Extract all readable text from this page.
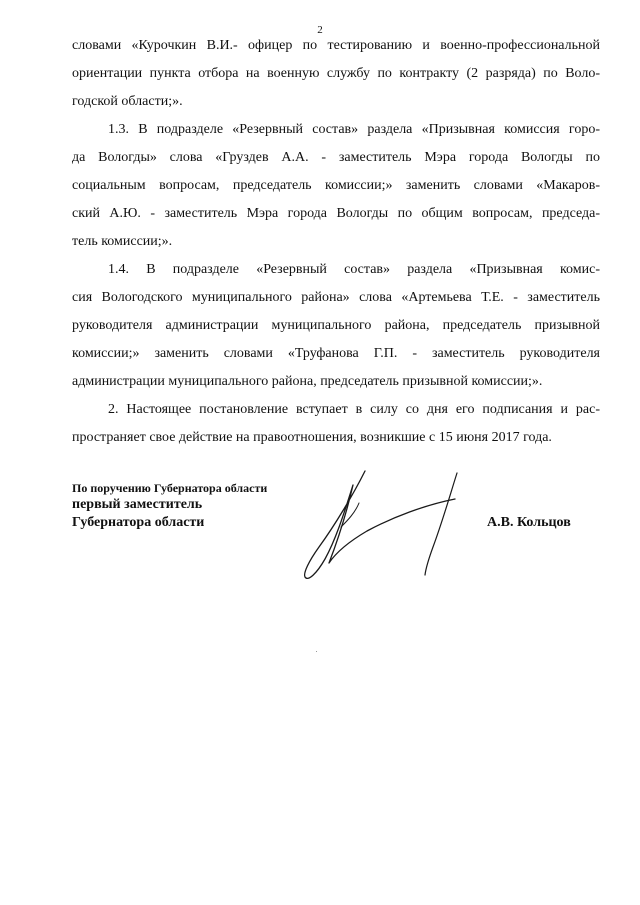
2
словами «Курочкин В.И.- офицер по тестированию и военно-профессиональной
ориентации пункта отбора на военную службу по контракту (2 разряда) по Воло-
годской области;».
1.3. В подразделе «Резервный состав» раздела «Призывная комиссия горо-
да Вологды» слова «Груздев А.А. - заместитель Мэра города Вологды по
социальным вопросам, председатель комиссии;» заменить словами «Макаров-
ский А.Ю. - заместитель Мэра города Вологды по общим вопросам, председа-
тель комиссии;».
1.4. В подразделе «Резервный состав» раздела «Призывная комис-
сия Вологодского муниципального района» слова «Артемьева Т.Е. - заместитель
руководителя администрации муниципального района, председатель призывной
комиссии;» заменить словами «Труфанова Г.П. - заместитель руководителя
администрации муниципального района, председатель призывной комиссии;».
2. Настоящее постановление вступает в силу со дня его подписания и рас-
пространяет свое действие на правоотношения, возникшие с 15 июня 2017 года.
По поручению Губернатора области
первый заместитель
Губернатора области	А.В. Кольцов
